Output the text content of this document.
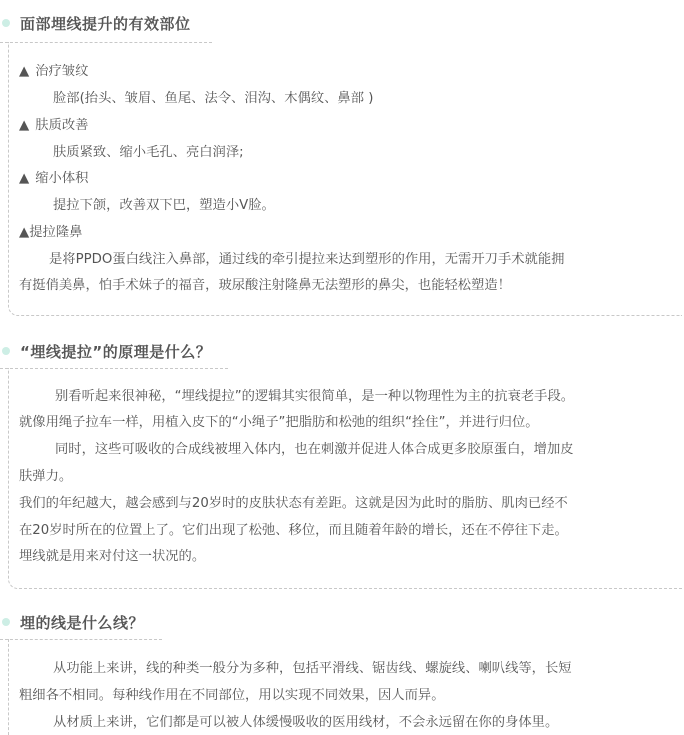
面部埋线提升的有效部位
▲ 治疗皱纹
脸部(抬头、皱眉、鱼尾、法令、泪沟、木偶纹、鼻部 )
▲ 肤质改善
肤质紧致、缩小毛孔、亮白润泽;
▲ 缩小体积
提拉下颌，改善双下巴，塑造小V脸。
▲提拉隆鼻
是将PPDO蛋白线注入鼻部，通过线的牵引提拉来达到塑形的作用，无需开刀手术就能拥
有挺俏美鼻，怕手术妹子的福音，玻尿酸注射隆鼻无法塑形的鼻尖，也能轻松塑造！
“埋线提拉”的原理是什么？
别看听起来很神秘，“埋线提拉”的逻辑其实很简单，是一种以物理性为主的抗衰老手段。
就像用绳子拉车一样，用植入皮下的“小绳子”把脂肪和松弛的组织“拴住”，并进行归位。
同时，这些可吸收的合成线被埋入体内，也在刺激并促进人体合成更多胶原蛋白，增加皮
肤弹力。
我们的年纪越大，越会感到与20岁时的皮肤状态有差距。这就是因为此时的脂肪、肌肉已经不
在20岁时所在的位置上了。它们出现了松弛、移位，而且随着年龄的增长，还在不停往下走。
埋线就是用来对付这一状况的。
埋的线是什么线？
从功能上来讲，线的种类一般分为多种，包括平滑线、锯齿线、螺旋线、喇叭线等，长短
粗细各不相同。每种线作用在不同部位，用以实现不同效果，因人而异。
从材质上来讲，它们都是可以被人体缓慢吸收的医用线材，不会永远留在你的身体里。
